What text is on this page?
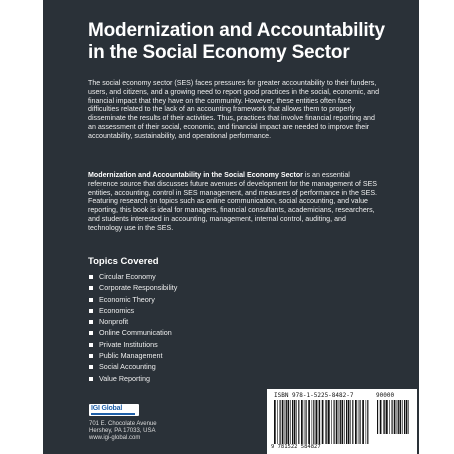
Modernization and Accountability
in the Social Economy Sector

The social economy sector (SES) faces pressures for greater accountability to their funders, users, and citizens, and a growing need to report good practices in the social, economic, and financial impact that they have on the community. However, these entities often face difficulties related to the lack of an accounting framework that allows them to properly disseminate the results of their activities. Thus, practices that involve financial reporting and an assessment of their social, economic, and financial impact are needed to improve their accountability, sustainability, and operational performance.

Modernization and Accountability in the Social Economy Sector is an essential reference source that discusses future avenues of development for the management of SES entities, accounting, control in SES management, and measures of performance in the SES. Featuring research on topics such as online communication, social accounting, and value reporting, this book is ideal for managers, financial consultants, academicians, researchers, and students interested in accounting, management, internal control, auditing, and technology use in the SES.

Topics Covered
Circular Economy
Corporate Responsibility
Economic Theory
Economics
Nonprofit
Online Communication
Private Institutions
Public Management
Social Accounting
Value Reporting
IGI Global
701 E. Chocolate Avenue
Hershey, PA 17033, USA
www.igi-global.com
ISBN 978-1-5225-8482-7
9 781522 584827
90000
